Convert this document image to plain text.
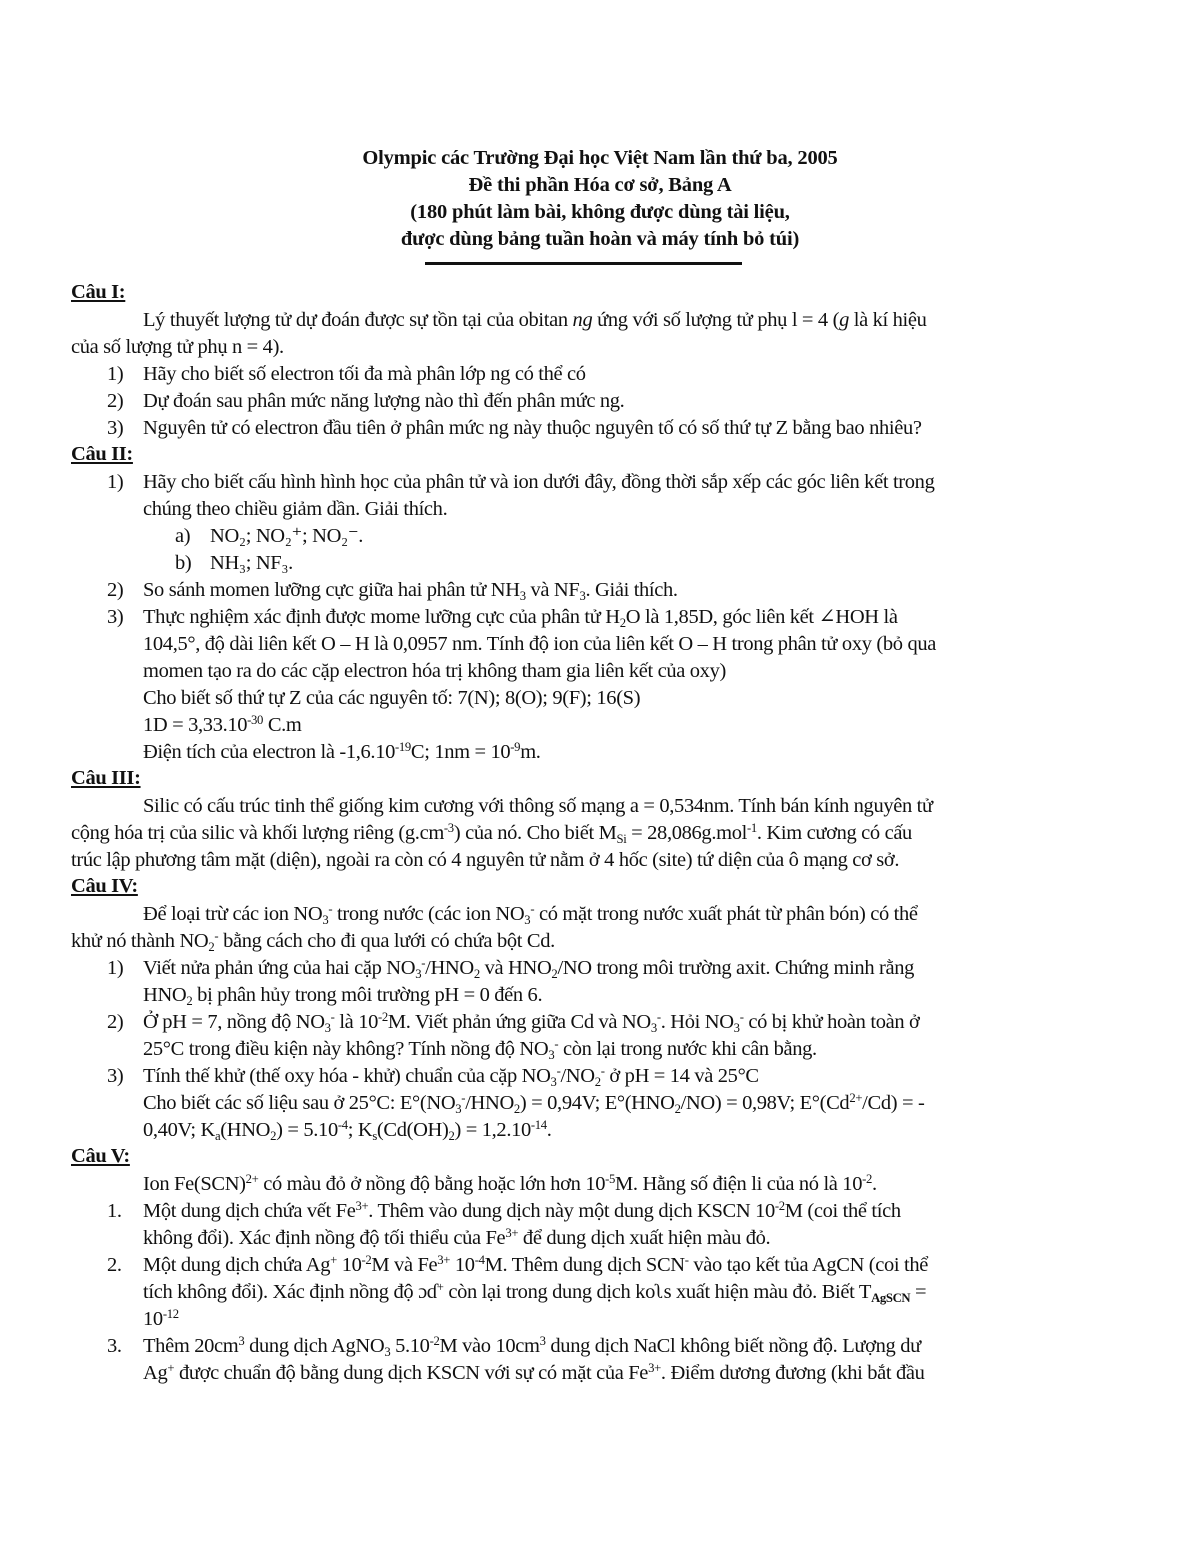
Olympic các Trường Đại học Việt Nam lần thứ ba, 2005
Đề thi phần Hóa cơ sở, Bảng A
(180 phút làm bài, không được dùng tài liệu,
được dùng bảng tuần hoàn và máy tính bỏ túi)
Câu I:
Lý thuyết lượng tử dự đoán được sự tồn tại của obitan ng ứng với số lượng tử phụ l = 4 (g là kí hiệu
của số lượng tử phụ n = 4).
1) Hãy cho biết số electron tối đa mà phân lớp ng có thể có
2) Dự đoán sau phân mức năng lượng nào thì đến phân mức ng.
3) Nguyên tử có electron đầu tiên ở phân mức ng này thuộc nguyên tố có số thứ tự Z bằng bao nhiêu?
Câu II:
1) Hãy cho biết cấu hình hình học của phân tử và ion dưới đây, đồng thời sắp xếp các góc liên kết trong
chúng theo chiều giảm dần. Giải thích.
a) NO₂; NO₂⁺; NO₂⁻.
b) NH₃; NF₃.
2) So sánh momen lưỡng cực giữa hai phân tử $NH_3$ và $NF_3$. Giải thích.
3) Thực nghiệm xác định được mome lưỡng cực của phân tử $H_2O$ là 1,85D, góc liên kết ∠HOH là
104,5°, độ dài liên kết O – H là 0,0957 nm. Tính độ ion của liên kết O – H trong phân tử oxy (bỏ qua
momen tạo ra do các cặp electron hóa trị không tham gia liên kết của oxy)
Cho biết số thứ tự Z của các nguyên tố: 7(N); 8(O); 9(F); 16(S)
$1D = 3,33.10^{-30}$ C.m
Điện tích của electron là $-1,6.10^{-19}C$; $1nm = 10^{-9}m$.
Câu III:
Silic có cấu trúc tinh thể giống kim cương với thông số mạng a = 0,534nm. Tính bán kính nguyên tử
cộng hóa trị của silic và khối lượng riêng $(g.cm^{-3})$ của nó. Cho biết $M_{Si} = 28,086g.mol^{-1}$. Kim cương có cấu
trúc lập phương tâm mặt (diện), ngoài ra còn có 4 nguyên tử nằm ở 4 hốc (site) tứ diện của ô mạng cơ sở.
Câu IV:
Để loại trừ các ion $NO_3^-$ trong nước (các ion $NO_3^-$ có mặt trong nước xuất phát từ phân bón) có thể
khử nó thành $NO_2^-$ bằng cách cho đi qua lưới có chứa bột Cd.
1) Viết nửa phản ứng của hai cặp $NO_3^-/HNO_2$ và $HNO_2/NO$ trong môi trường axit. Chứng minh rằng
$HNO_2$ bị phân hủy trong môi trường pH = 0 đến 6.
2) Ở pH = 7, nồng độ $NO_3^-$ là $10^{-2}M$. Viết phản ứng giữa Cd và $NO_3^-$. Hỏi $NO_3^-$ có bị khử hoàn toàn ở
25°C trong điều kiện này không? Tính nồng độ $NO_3^-$ còn lại trong nước khi cân bằng.
3) Tính thế khử (thế oxy hóa - khử) chuẩn của cặp $NO_3^-/NO_2^-$ ở pH = 14 và 25°C
Cho biết các số liệu sau ở 25°C: $E^\circ(NO_3^-/HNO_2) = 0,94V$; $E^\circ(HNO_2/NO) = 0,98V$; $E^\circ(Cd^{2+}/Cd)$ = -
0,40V; $K_a(HNO_2) = 5.10^{-4}$; $K_s(Cd(OH)_2) = 1,2.10^{-14}$.
Câu V:
Ion Fe(SCN)$^{2+}$ có màu đỏ ở nồng độ bằng hoặc lớn hơn $10^{-5}M$. Hằng số điện li của nó là $10^{-2}$.
1. Một dung dịch chứa vết $Fe^{3+}$. Thêm vào dung dịch này một dung dịch KSCN $10^{-2}M$ (coi thể tích
không đổi). Xác định nồng độ tối thiểu của $Fe^{3+}$ để dung dịch xuất hiện màu đỏ.
2. Một dung dịch chứa Ag+ $10^{-2}M$ và $Fe^{3+}$ $10^{-4}M$. Thêm dung dịch SCN- vào tạo kết tủa AgCN (coi thể
tích không đổi). Xác định nồng độ ɔɗ+ còn lại trong dung dịch koʅs xuất hiện màu đỏ. Biết $T_{AgSCN}$ =
$10^{-12}$
3. Thêm $20cm^3$ dung dịch AgNO$_3$ $5.10^{-2}M$ vào $10cm^3$ dung dịch NaCl không biết nồng độ. Lượng dư
Ag+ được chuẩn độ bằng dung dịch KSCN với sự có mặt của $Fe^{3+}$. Điểm dương đương (khi bắt đầu
